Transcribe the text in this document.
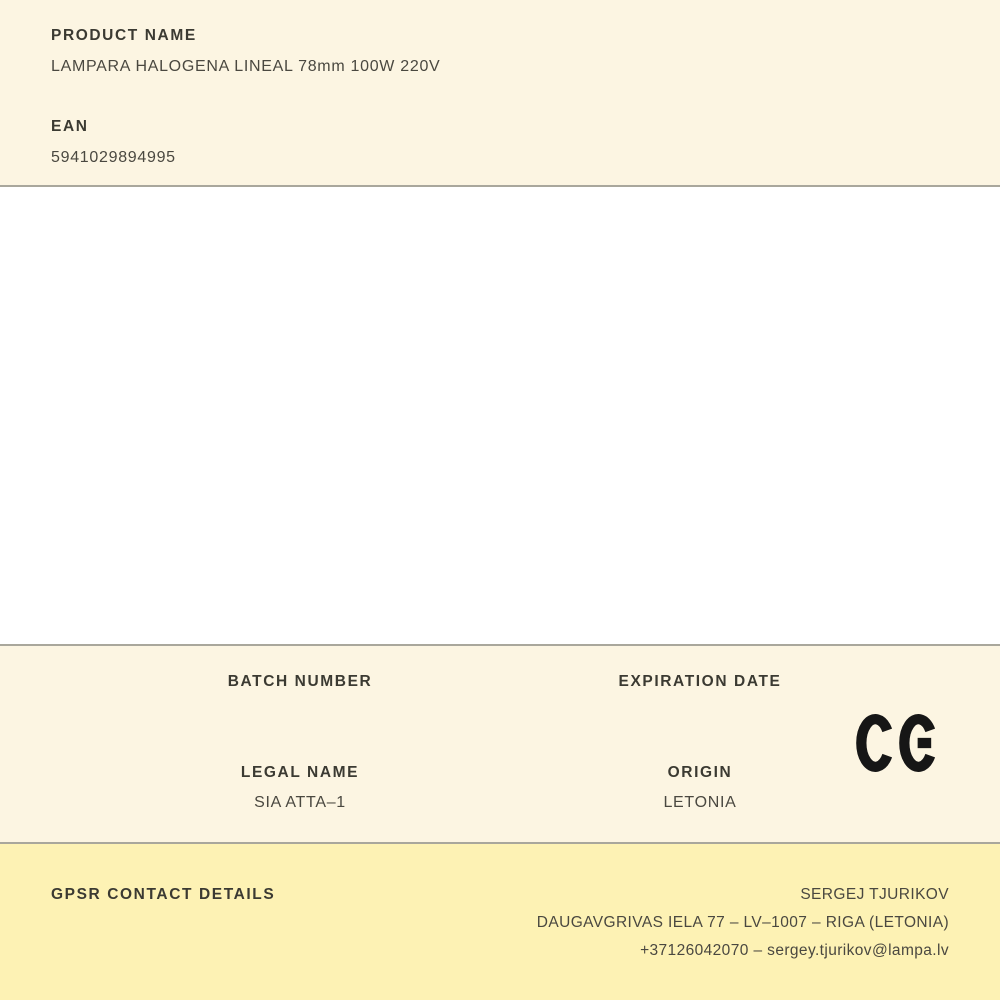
PRODUCT NAME
LAMPARA HALOGENA LINEAL 78mm 100W 220V
EAN
5941029894995
BATCH NUMBER	EXPIRATION DATE
LEGAL NAME
SIA ATTA–1
ORIGIN
LETONIA
GPSR CONTACT DETAILS	SERGEJ TJURIKOV
DAUGAVGRIVAS IELA 77 – LV–1007 – RIGA (LETONIA)
+37126042070 – sergey.tjurikov@lampa.lv
